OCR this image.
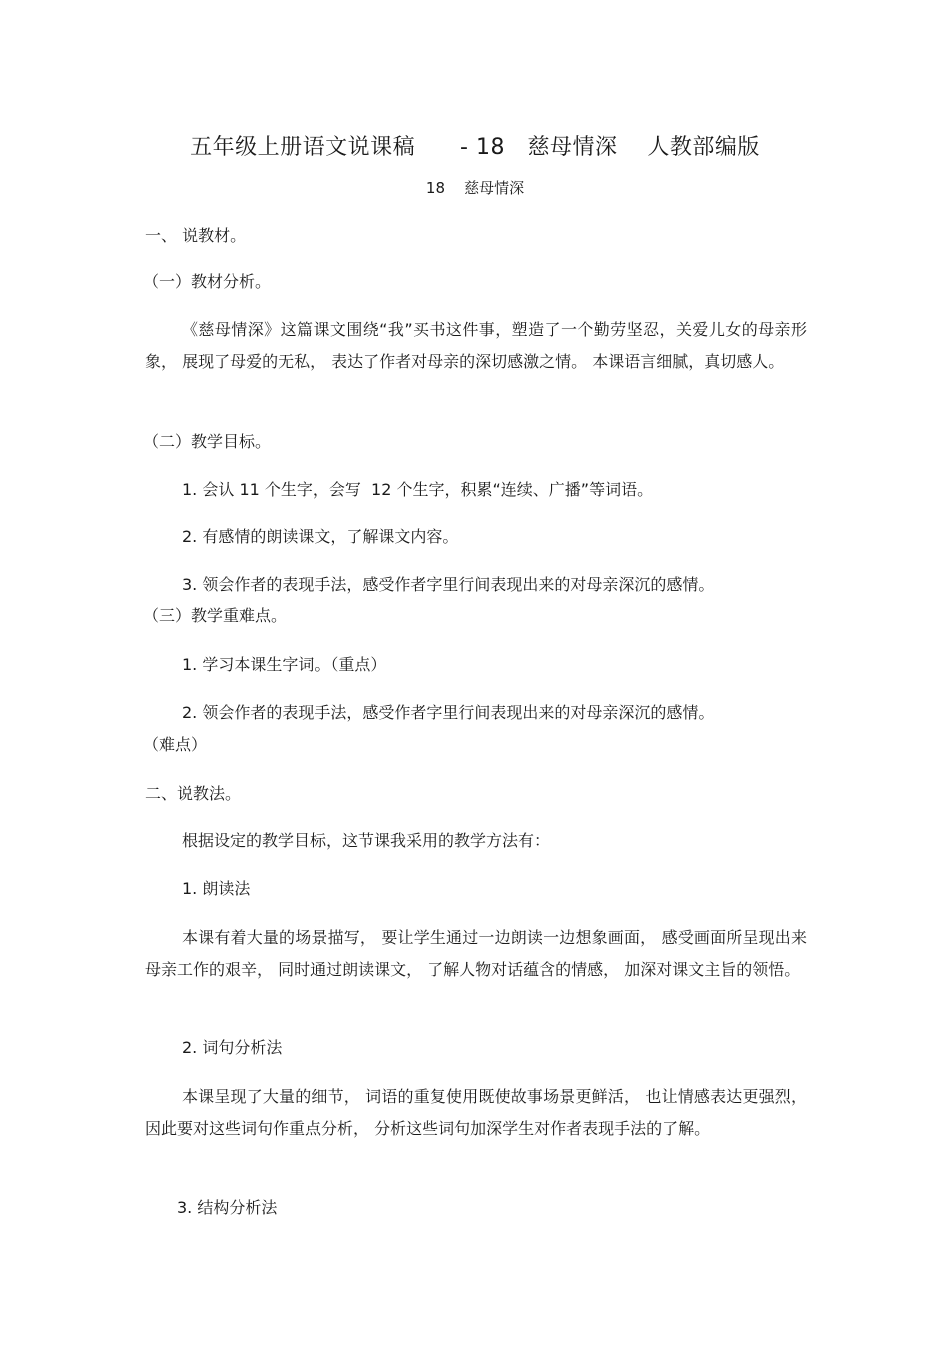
五年级上册语文说课稿      - 18   慈母情深    人教部编版
18    慈母情深
一、 说教材。
（一）教材分析。
《慈母情深》这篇课文围绕“我”买书这件事，塑造了一个勤劳坚忍，关爱儿女的母亲形象， 展现了母爱的无私， 表达了作者对母亲的深切感激之情。 本课语言细腻，真切感人。
（二）教学目标。
1. 会认 11 个生字，会写  12 个生字，积累“连续、广播”等词语。
2. 有感情的朗读课文，了解课文内容。
3. 领会作者的表现手法，感受作者字里行间表现出来的对母亲深沉的感情。
（三）教学重难点。
1. 学习本课生字词。（重点）
2. 领会作者的表现手法，感受作者字里行间表现出来的对母亲深沉的感情。
（难点）
二、说教法。
根据设定的教学目标，这节课我采用的教学方法有：
1. 朗读法
本课有着大量的场景描写， 要让学生通过一边朗读一边想象画面， 感受画面所呈现出来母亲工作的艰辛， 同时通过朗读课文， 了解人物对话蕴含的情感， 加深对课文主旨的领悟。
2. 词句分析法
本课呈现了大量的细节， 词语的重复使用既使故事场景更鲜活， 也让情感表达更强烈，因此要对这些词句作重点分析， 分析这些词句加深学生对作者表现手法的了解。
3. 结构分析法
